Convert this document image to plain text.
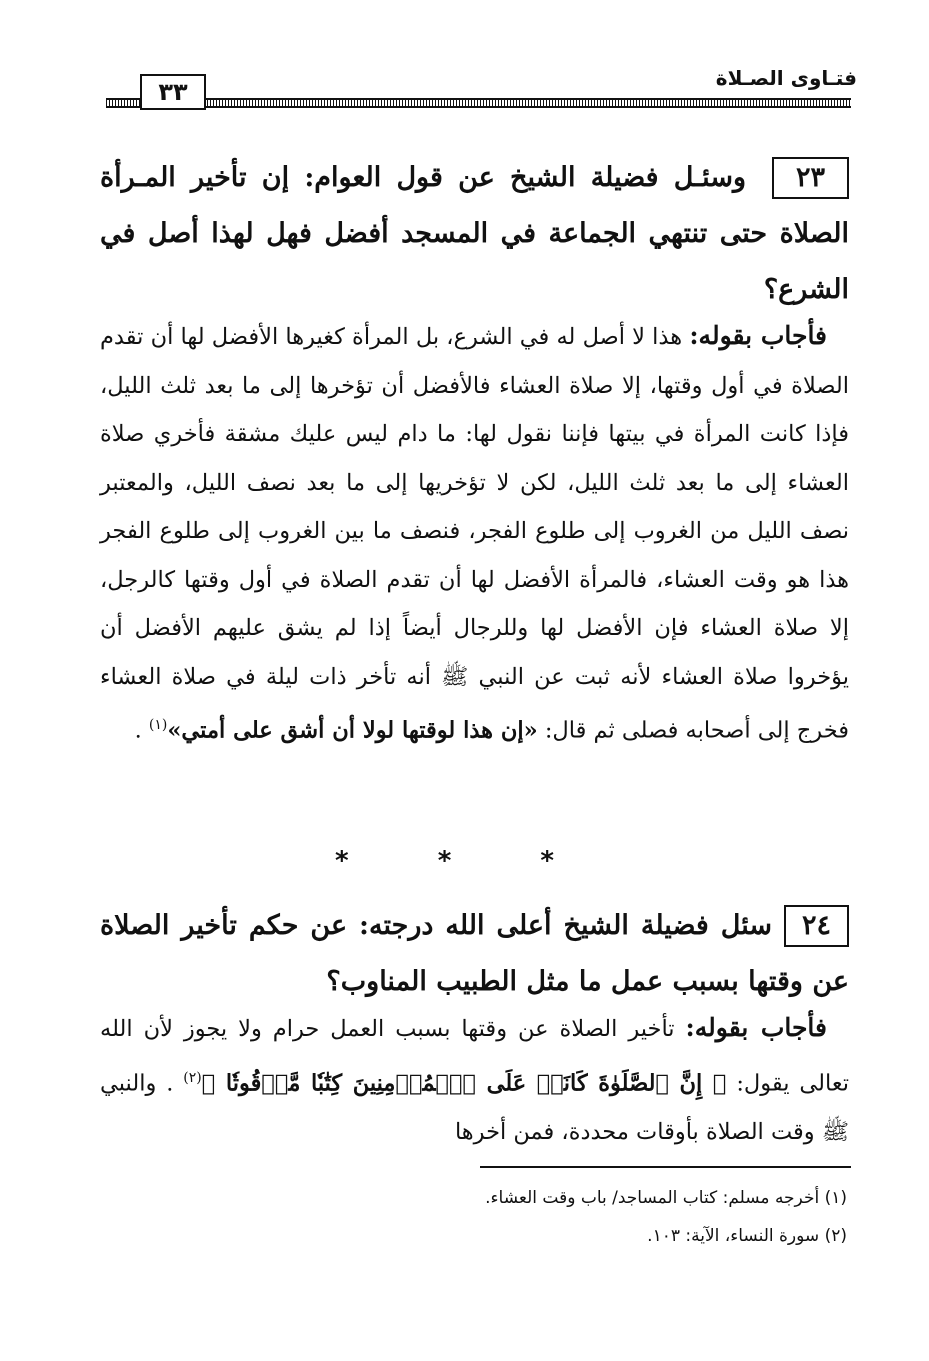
فتـاوى الصـلاة
٣٣
٢٣وسئـل فضيلة الشيخ عن قول العوام: إن تأخير المـرأة الصلاة حتى تنتهي الجماعة في المسجد أفضل فهل لهذا أصل في الشرع؟
فأجاب بقوله: هذا لا أصل له في الشرع، بل المرأة كغيرها الأفضل لها أن تقدم الصلاة في أول وقتها، إلا صلاة العشاء فالأفضل أن تؤخرها إلى ما بعد ثلث الليل، فإذا كانت المرأة في بيتها فإننا نقول لها: ما دام ليس عليك مشقة فأخري صلاة العشاء إلى ما بعد ثلث الليل، لكن لا تؤخريها إلى ما بعد نصف الليل، والمعتبر نصف الليل من الغروب إلى طلوع الفجر، فنصف ما بين الغروب إلى طلوع الفجر هذا هو وقت العشاء، فالمرأة الأفضل لها أن تقدم الصلاة في أول وقتها كالرجل، إلا صلاة العشاء فإن الأفضل لها وللرجال أيضاً إذا لم يشق عليهم الأفضل أن يؤخروا صلاة العشاء لأنه ثبت عن النبي ﷺ أنه تأخر ذات ليلة في صلاة العشاء فخرج إلى أصحابه فصلى ثم قال: «إن هذا لوقتها لولا أن أشق على أمتي»$^{(١)}$ .
* * *
٢٤سئل فضيلة الشيخ أعلى الله درجته: عن حكم تأخير الصلاة عن وقتها بسبب عمل ما مثل الطبيب المناوب؟
فأجاب بقوله: تأخير الصلاة عن وقتها بسبب العمل حرام ولا يجوز لأن الله تعالى يقول: ﴿ إِنَّ ٱلصَّلَوٰةَ كَانَتۡ عَلَى ٱلۡمُؤۡمِنِينَ كِتَٰبٗا مَّوۡقُوتٗا ﴾$^{(٢)}$ . والنبي ﷺ وقت الصلاة بأوقات محددة، فمن أخرها
(١) أخرجه مسلم: كتاب المساجد/ باب وقت العشاء.
(٢) سورة النساء، الآية: ١٠٣.
